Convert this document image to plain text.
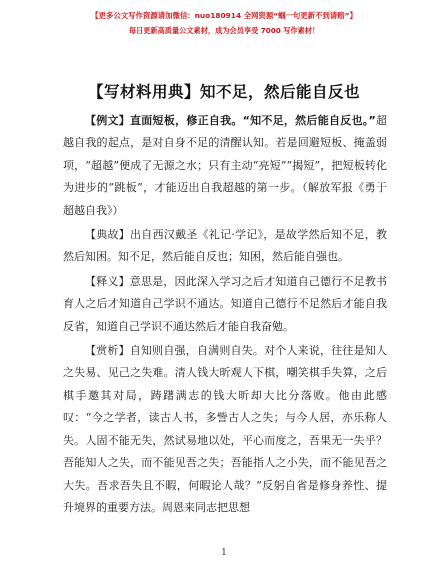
【更多公文写作资源请加微信：nuo180914 全网资源“蝈一句更新不到请赔”】
每日更新高质量公文素材，成为会员享受 7000 写作素材！
【写材料用典】知不足，然后能自反也

【例文】直面短板，修正自我。“知不足，然后能自反也。”超越自我的起点，是对自身不足的清醒认知。若是回避短板、掩盖弱项，“超越”便成了无源之水；只有主动“亮短”“揭短”，把短板转化为进步的“跳板”，才能迈出自我超越的第一步。（解放军报《勇于超越自我》）

【典故】出自西汉戴圣《礼记·学记》，是故学然后知不足，教然后知困。知不足，然后能自反也；知困，然后能自强也。

【释义】意思是，因此深入学习之后才知道自己德行不足教书育人之后才知道自己学识不通达。知道自己德行不足然后才能自我反省，知道自己学识不通达然后才能自我奋勉。

【赏析】自知则自强，自满则自失。对个人来说，往往是知人之失易、见己之失难。清人钱大昕观人下棋，嘲笑棋手失算，之后棋手邀其对局，踌躇满志的钱大昕却大比分落败。他由此感叹：“今之学者，读古人书，多訾古人之失；与今人居，亦乐称人失。人固不能无失，然试易地以处，平心而度之，吾果无一失乎？吾能知人之失，而不能见吾之失；吾能指人之小失，而不能见吾之大失。吾求吾失且不暇，何暇论人哉？”反躬自省是修身养性、提升境界的重要方法。周恩来同志把思想

1
